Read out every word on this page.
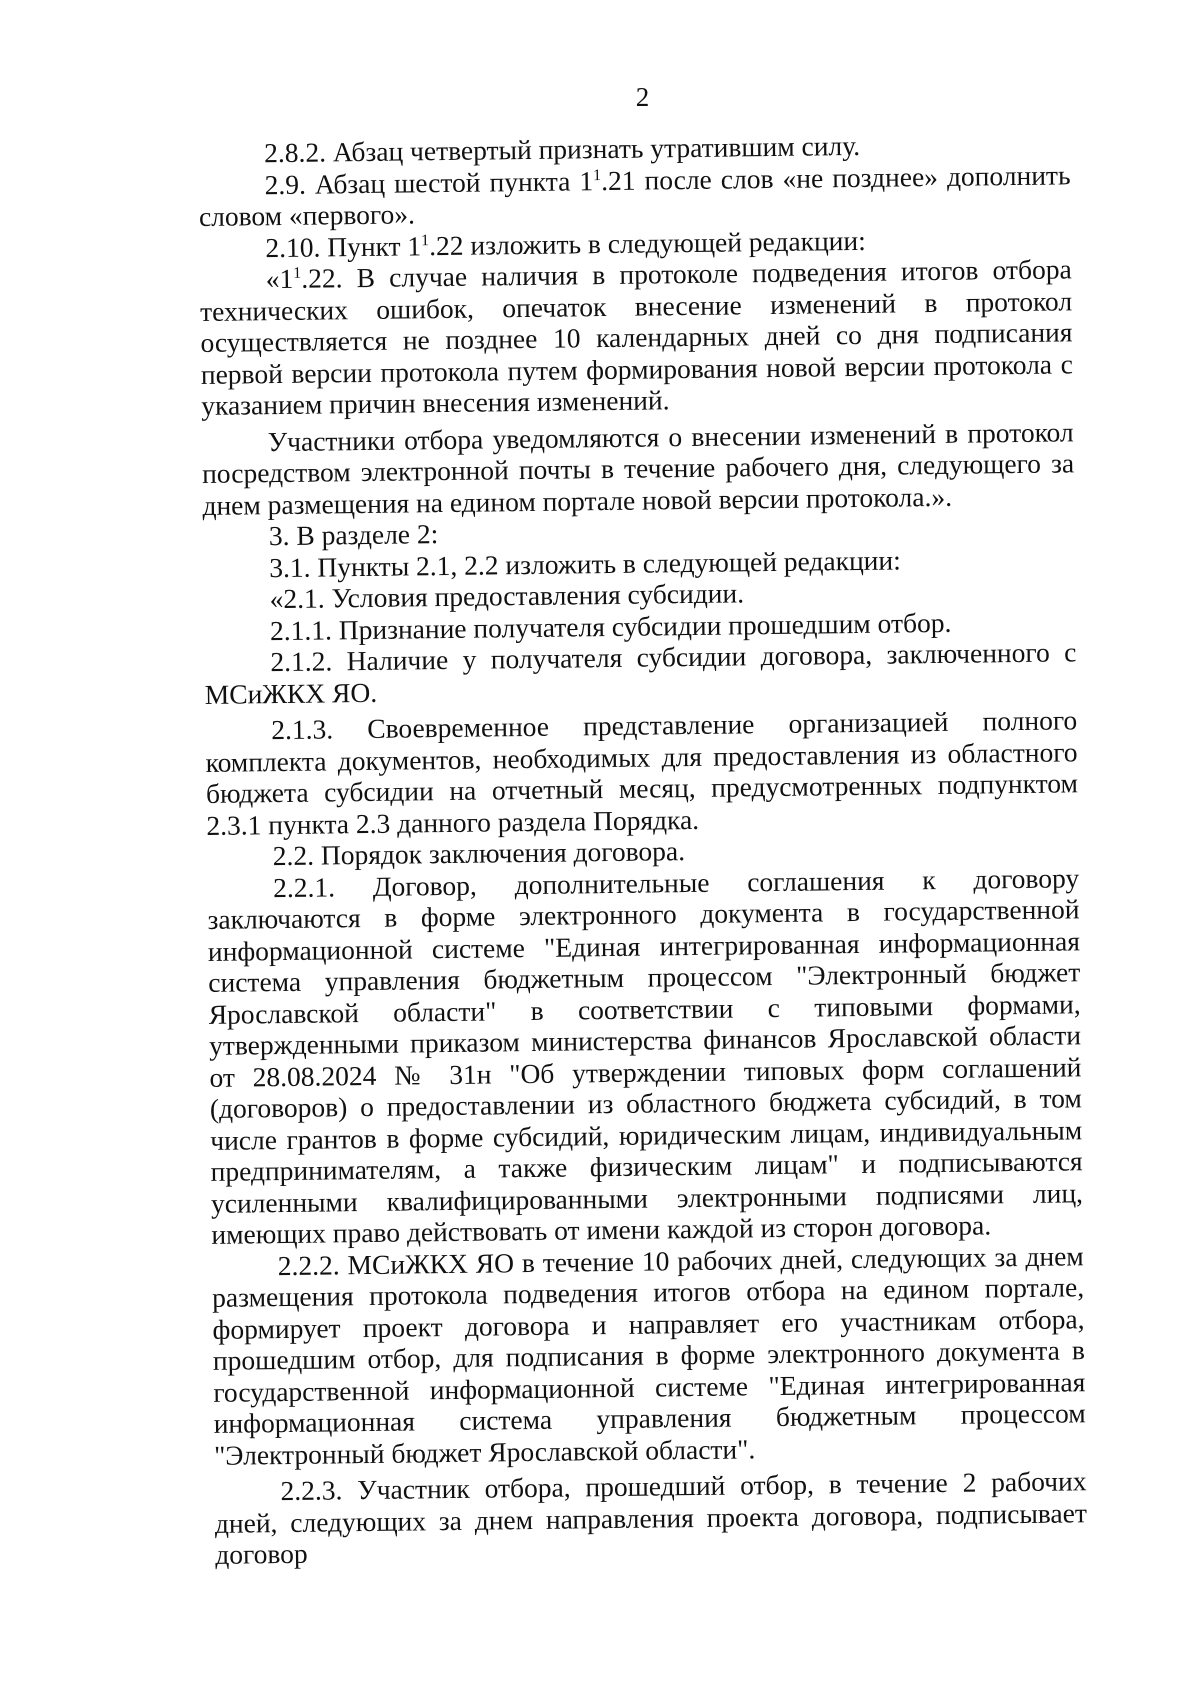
2

2.8.2. Абзац четвертый признать утратившим силу.

2.9. Абзац шестой пункта $1^1.21$ после слов «не позднее» дополнить словом «первого».

2.10. Пункт $1^1.22$ изложить в следующей редакции:

«$1^1.22$. В случае наличия в протоколе подведения итогов отбора технических ошибок, опечаток внесение изменений в протокол осуществляется не позднее 10 календарных дней со дня подписания первой версии протокола путем формирования новой версии протокола с указанием причин внесения изменений.

Участники отбора уведомляются о внесении изменений в протокол посредством электронной почты в течение рабочего дня, следующего за днем размещения на едином портале новой версии протокола.».

3. В разделе 2:

3.1. Пункты 2.1, 2.2 изложить в следующей редакции:

«2.1. Условия предоставления субсидии.

2.1.1. Признание получателя субсидии прошедшим отбор.

2.1.2. Наличие у получателя субсидии договора, заключенного с МСиЖКХ ЯО.

2.1.3. Своевременное представление организацией полного комплекта документов, необходимых для предоставления из областного бюджета субсидии на отчетный месяц, предусмотренных подпунктом 2.3.1 пункта 2.3 данного раздела Порядка.

2.2. Порядок заключения договора.

2.2.1. Договор, дополнительные соглашения к договору заключаются в форме электронного документа в государственной информационной системе "Единая интегрированная информационная система управления бюджетным процессом "Электронный бюджет Ярославской области" в соответствии с типовыми формами, утвержденными приказом министерства финансов Ярославской области от 28.08.2024 № 31н "Об утверждении типовых форм соглашений (договоров) о предоставлении из областного бюджета субсидий, в том числе грантов в форме субсидий, юридическим лицам, индивидуальным предпринимателям, а также физическим лицам" и подписываются усиленными квалифицированными электронными подписями лиц, имеющих право действовать от имени каждой из сторон договора.

2.2.2. МСиЖКХ ЯО в течение 10 рабочих дней, следующих за днем размещения протокола подведения итогов отбора на едином портале, формирует проект договора и направляет его участникам отбора, прошедшим отбор, для подписания в форме электронного документа в государственной информационной системе "Единая интегрированная информационная система управления бюджетным процессом "Электронный бюджет Ярославской области".

2.2.3. Участник отбора, прошедший отбор, в течение 2 рабочих дней, следующих за днем направления проекта договора, подписывает договор
